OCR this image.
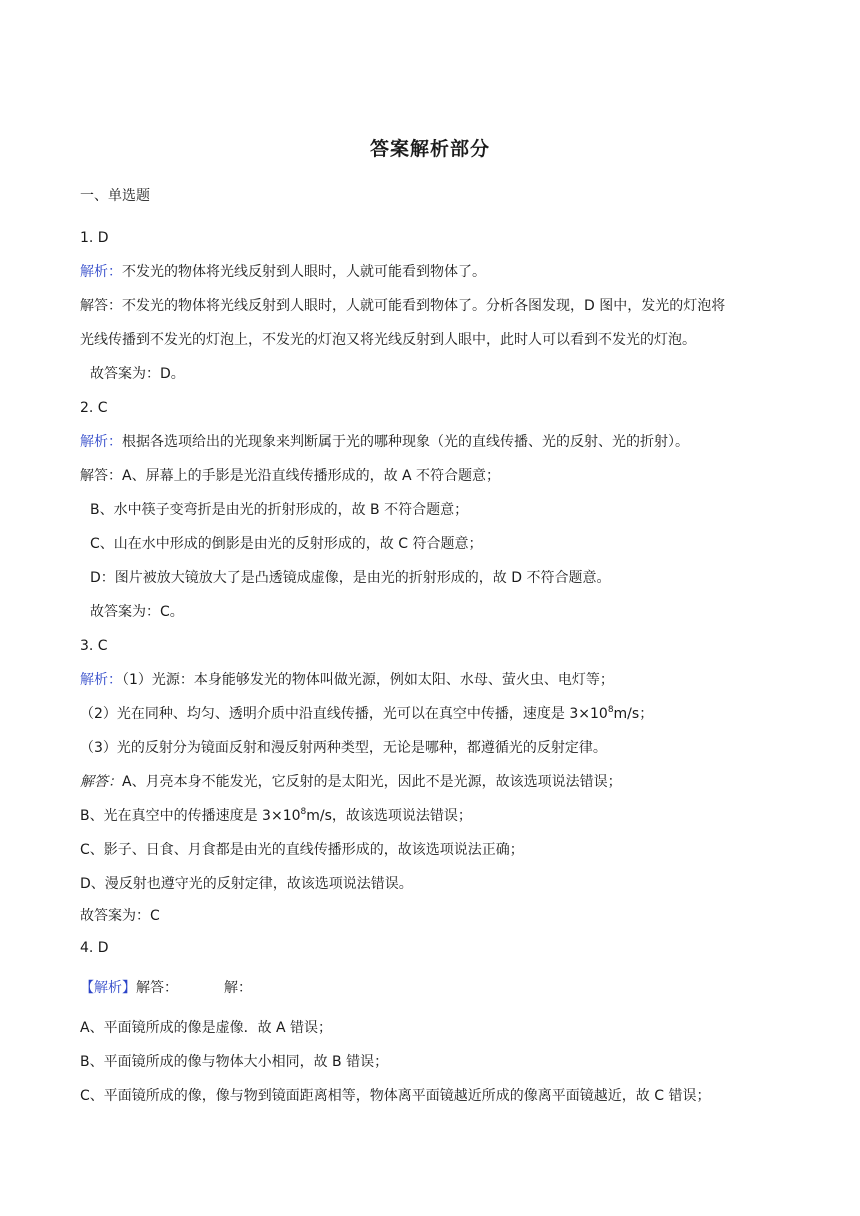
答案解析部分
一、单选题
1. D
解析：不发光的物体将光线反射到人眼时，人就可能看到物体了。
解答：不发光的物体将光线反射到人眼时，人就可能看到物体了。分析各图发现，D 图中，发光的灯泡将
光线传播到不发光的灯泡上，不发光的灯泡又将光线反射到人眼中，此时人可以看到不发光的灯泡。
故答案为：D。
2. C
解析：根据各选项给出的光现象来判断属于光的哪种现象（光的直线传播、光的反射、光的折射）。
解答：A、屏幕上的手影是光沿直线传播形成的，故 A 不符合题意；
B、水中筷子变弯折是由光的折射形成的，故 B 不符合题意；
C、山在水中形成的倒影是由光的反射形成的，故 C 符合题意；
D：图片被放大镜放大了是凸透镜成虚像，是由光的折射形成的，故 D 不符合题意。
故答案为：C。
3. C
解析：（1）光源：本身能够发光的物体叫做光源，例如太阳、水母、萤火虫、电灯等；
（2）光在同种、均匀、透明介质中沿直线传播，光可以在真空中传播，速度是 $3\times 10^8m/s$；
（3）光的反射分为镜面反射和漫反射两种类型，无论是哪种，都遵循光的反射定律。
解答：A、月亮本身不能发光，它反射的是太阳光，因此不是光源，故该选项说法错误；
B、光在真空中的传播速度是 $3\times 10^8m/s$，故该选项说法错误；
C、影子、日食、月食都是由光的直线传播形成的，故该选项说法正确；
D、漫反射也遵守光的反射定律，故该选项说法错误。
故答案为：C
4. D
【解析】解答：	解：
A、平面镜所成的像是虚像．故 A 错误；
B、平面镜所成的像与物体大小相同，故 B 错误；
C、平面镜所成的像，像与物到镜面距离相等，物体离平面镜越近所成的像离平面镜越近，故 C 错误；
